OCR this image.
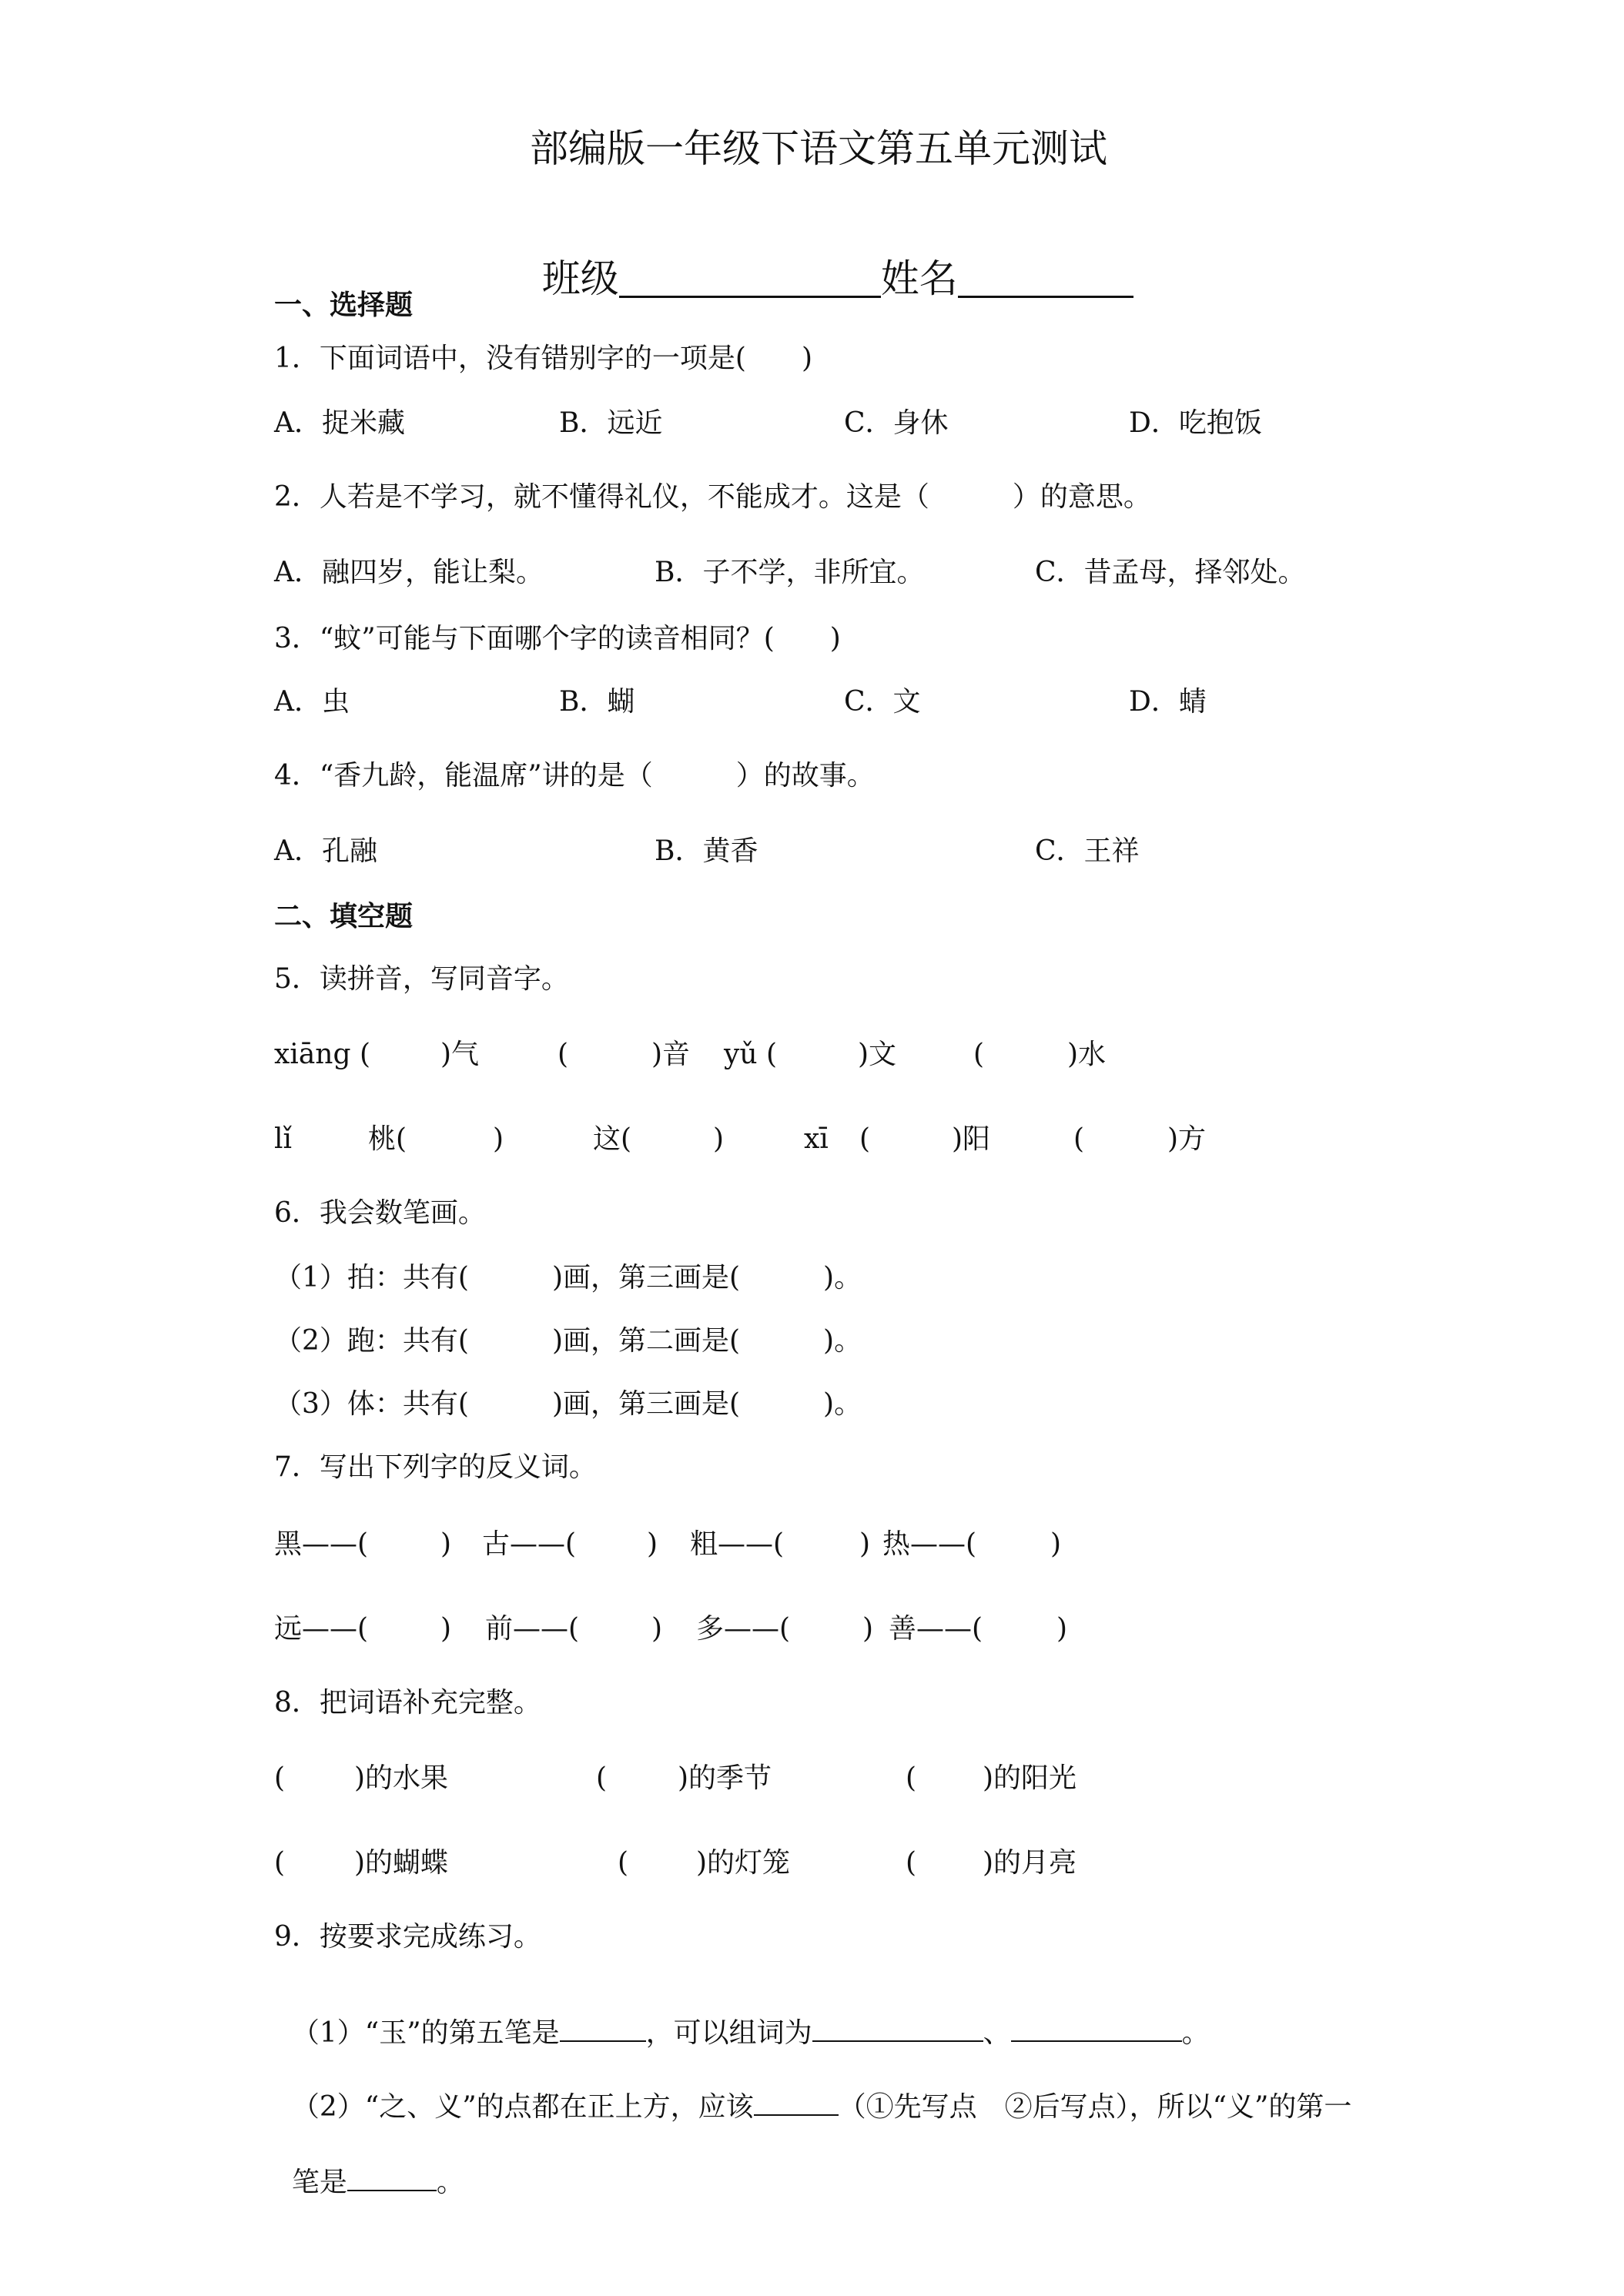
部编版一年级下语文第五单元测试

班级	姓名

一、选择题
1．下面词语中，没有错别字的一项是(　　)
A．捉米藏	B．远近	C．身休	D．吃抱饭
2．人若是不学习，就不懂得礼仪，不能成才。这是（　　　）的意思。
A．融四岁，能让梨。	B．子不学，非所宜。	C．昔孟母，择邻处。
3．“蚊”可能与下面哪个字的读音相同？(　　)
A．虫	B．蝴	C．文	D．蜻
4．“香九龄，能温席”讲的是（　　　）的故事。
A．孔融	B．黄香	C．王祥
二、填空题
5．读拼音，写同音字。
xiāng (	)气	(	)音 yǔ (	)文	(	)水
lǐ	桃(	)	这(	)	xī (	)阳	(	)方
6．我会数笔画。
（1）拍：共有(　　　)画，第三画是(　　　)。
（2）跑：共有(　　　)画，第二画是(　　　)。
（3）体：共有(　　　)画，第三画是(　　　)。
7．写出下列字的反义词。
黑——(	) 古——(	) 粗——(	) 热——(	)
远——(	) 前——(	) 多——(	) 善——(	)
8．把词语补充完整。
( )的水果	(	)的季节	( )的阳光
( )的蝴蝶	( )的灯笼	( )的月亮
9．按要求完成练习。

（1）“玉”的第五笔是	，可以组词为	、	。

（2）“之、义”的点都在正上方，应该	（①先写点　②后写点），所以“义”的第一

笔是	。
